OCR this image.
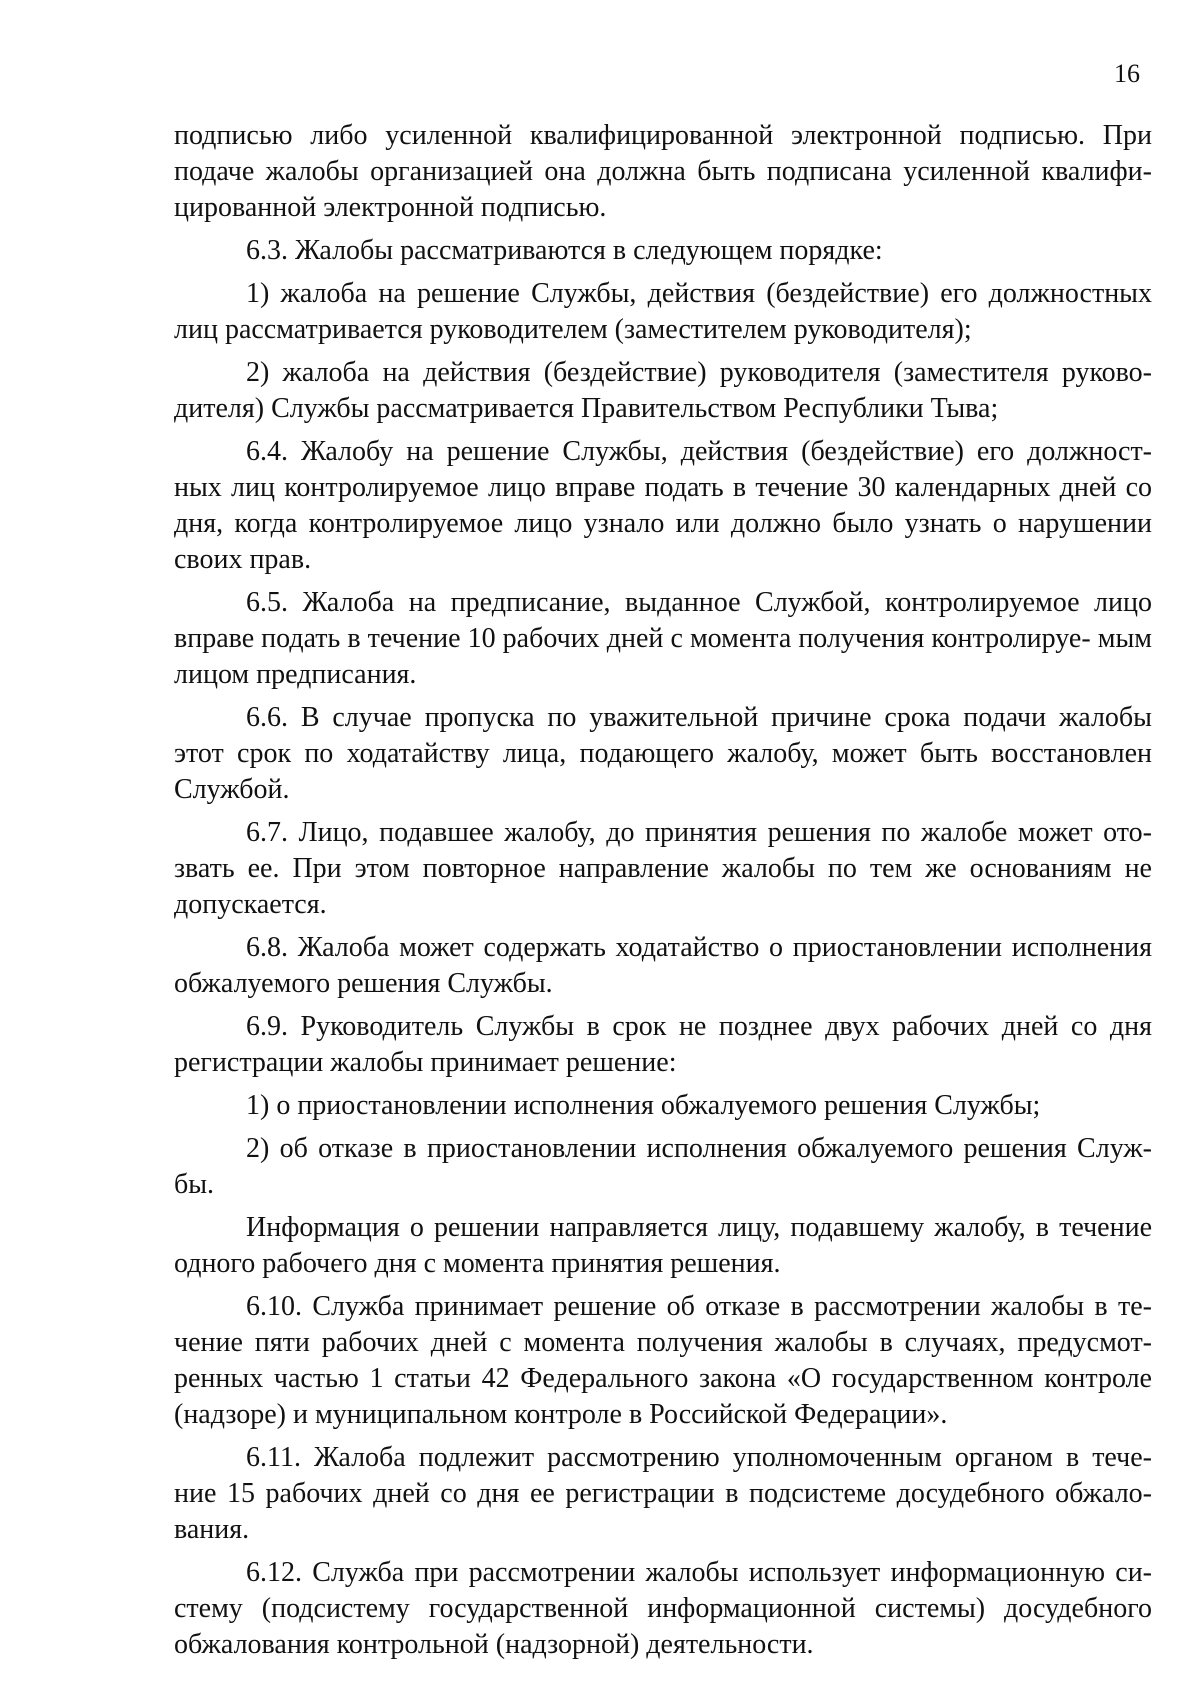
16

подписью либо усиленной квалифицированной электронной подписью. При подаче жалобы организацией она должна быть подписана усиленной квалифи- цированной электронной подписью.

6.3. Жалобы рассматриваются в следующем порядке:

1) жалоба на решение Службы, действия (бездействие) его должностных лиц рассматривается руководителем (заместителем руководителя);

2) жалоба на действия (бездействие) руководителя (заместителя руково- дителя) Службы рассматривается Правительством Республики Тыва;

6.4. Жалобу на решение Службы, действия (бездействие) его должност- ных лиц контролируемое лицо вправе подать в течение 30 календарных дней со дня, когда контролируемое лицо узнало или должно было узнать о нарушении своих прав.

6.5. Жалоба на предписание, выданное Службой, контролируемое лицо вправе подать в течение 10 рабочих дней с момента получения контролируе- мым лицом предписания.

6.6. В случае пропуска по уважительной причине срока подачи жалобы этот срок по ходатайству лица, подающего жалобу, может быть восстановлен Службой.

6.7. Лицо, подавшее жалобу, до принятия решения по жалобе может ото- звать ее. При этом повторное направление жалобы по тем же основаниям не допускается.

6.8. Жалоба может содержать ходатайство о приостановлении исполнения обжалуемого решения Службы.

6.9. Руководитель Службы в срок не позднее двух рабочих дней со дня регистрации жалобы принимает решение:

1) о приостановлении исполнения обжалуемого решения Службы;

2) об отказе в приостановлении исполнения обжалуемого решения Служ- бы.

Информация о решении направляется лицу, подавшему жалобу, в течение одного рабочего дня с момента принятия решения.

6.10. Служба принимает решение об отказе в рассмотрении жалобы в те- чение пяти рабочих дней с момента получения жалобы в случаях, предусмот- ренных частью 1 статьи 42 Федерального закона «О государственном контроле (надзоре) и муниципальном контроле в Российской Федерации».

6.11. Жалоба подлежит рассмотрению уполномоченным органом в тече- ние 15 рабочих дней со дня ее регистрации в подсистеме досудебного обжало- вания.

6.12. Служба при рассмотрении жалобы использует информационную си- стему (подсистему государственной информационной системы) досудебного обжалования контрольной (надзорной) деятельности.
